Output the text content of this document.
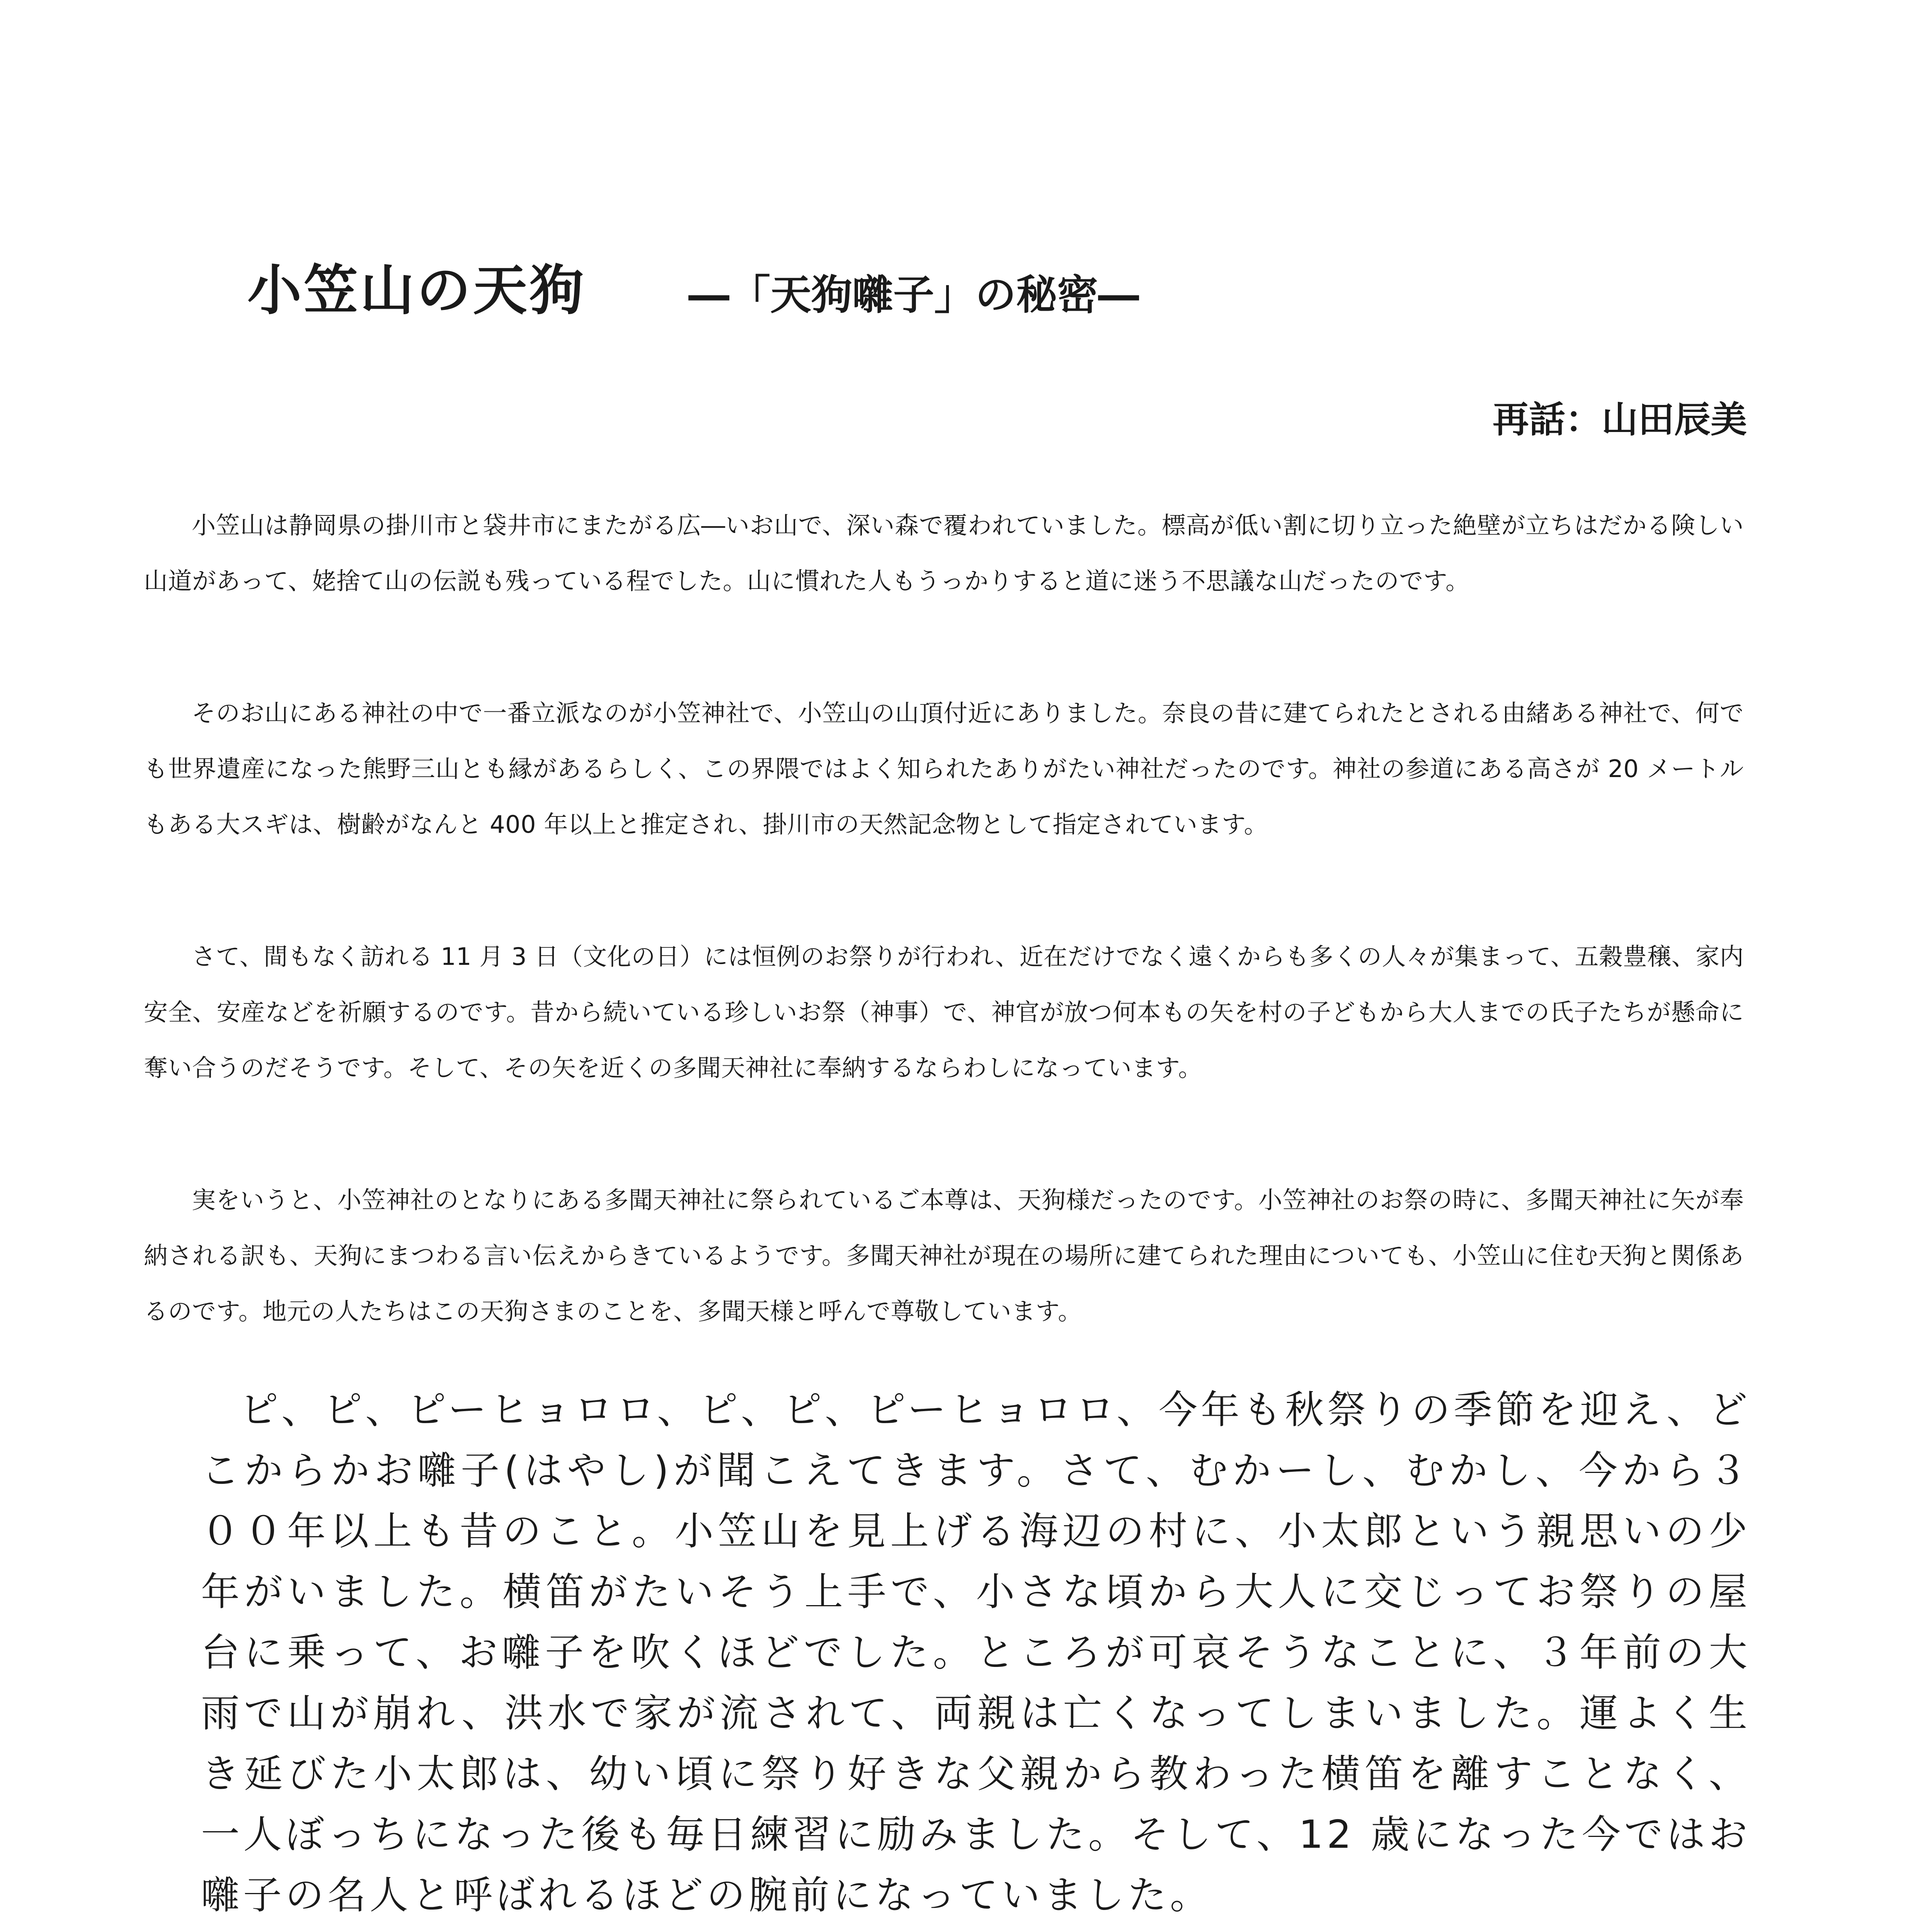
小笠山の天狗	―「天狗囃子」の秘密―
再話：山田辰美

小笠山は静岡県の掛川市と袋井市にまたがる広―いお山で、深い森で覆われていました。標高が低い割に切り立った絶壁が立ちはだかる険しい山道があって、姥捨て山の伝説も残っている程でした。山に慣れた人もうっかりすると道に迷う不思議な山だったのです。

そのお山にある神社の中で一番立派なのが小笠神社で、小笠山の山頂付近にありました。奈良の昔に建てられたとされる由緒ある神社で、何でも世界遺産になった熊野三山とも縁があるらしく、この界隈ではよく知られたありがたい神社だったのです。神社の参道にある高さが 20 メートルもある大スギは、樹齢がなんと 400 年以上と推定され、掛川市の天然記念物として指定されています。

さて、間もなく訪れる 11 月 3 日（文化の日）には恒例のお祭りが行われ、近在だけでなく遠くからも多くの人々が集まって、五穀豊穣、家内安全、安産などを祈願するのです。昔から続いている珍しいお祭（神事）で、神官が放つ何本もの矢を村の子どもから大人までの氏子たちが懸命に奪い合うのだそうです。そして、その矢を近くの多聞天神社に奉納するならわしになっています。

実をいうと、小笠神社のとなりにある多聞天神社に祭られているご本尊は、天狗様だったのです。小笠神社のお祭の時に、多聞天神社に矢が奉納される訳も、天狗にまつわる言い伝えからきているようです。多聞天神社が現在の場所に建てられた理由についても、小笠山に住む天狗と関係あるのです。地元の人たちはこの天狗さまのことを、多聞天様と呼んで尊敬しています。

ピ、ピ、ピーヒョロロ、ピ、ピ、ピーヒョロロ、今年も秋祭りの季節を迎え、どこからかお囃子(はやし)が聞こえてきます。さて、むかーし、むかし、今から３００年以上も昔のこと。小笠山を見上げる海辺の村に、小太郎という親思いの少年がいました。横笛がたいそう上手で、小さな頃から大人に交じってお祭りの屋台に乗って、お囃子を吹くほどでした。ところが可哀そうなことに、３年前の大雨で山が崩れ、洪水で家が流されて、両親は亡くなってしまいました。運よく生き延びた小太郎は、幼い頃に祭り好きな父親から教わった横笛を離すことなく、一人ぼっちになった後も毎日練習に励みました。そして、12 歳になった今ではお囃子の名人と呼ばれるほどの腕前になっていました。
